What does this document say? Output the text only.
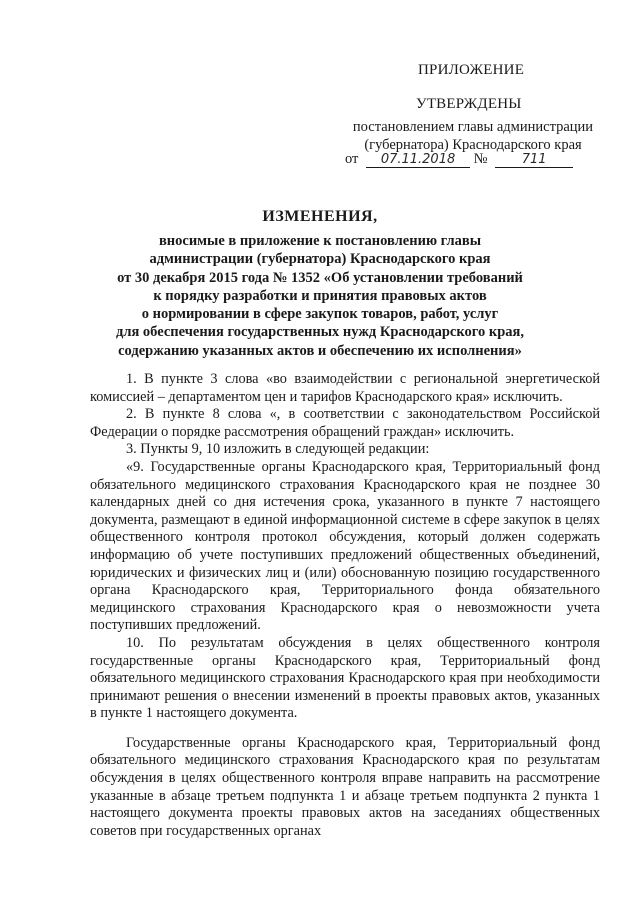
ПРИЛОЖЕНИЕ
УТВЕРЖДЕНЫ
постановлением главы администрации
(губернатора) Краснодарского края
от 07.11.2018 №	711
ИЗМЕНЕНИЯ,
вносимые в приложение к постановлению главы
администрации (губернатора) Краснодарского края
от 30 декабря 2015 года № 1352 «Об установлении требований
к порядку разработки и принятия правовых актов
о нормировании в сфере закупок товаров, работ, услуг
для обеспечения государственных нужд Краснодарского края,
содержанию указанных актов и обеспечению их исполнения»

1. В пункте 3 слова «во взаимодействии с региональной энергетической комиссией – департаментом цен и тарифов Краснодарского края» исключить.

2. В пункте 8 слова «, в соответствии с законодательством Российской Федерации о порядке рассмотрения обращений граждан» исключить.

3. Пункты 9, 10 изложить в следующей редакции:

«9. Государственные органы Краснодарского края, Территориальный фонд обязательного медицинского страхования Краснодарского края не позднее 30 календарных дней со дня истечения срока, указанного в пункте 7 настоящего документа, размещают в единой информационной системе в сфере закупок в целях общественного контроля протокол обсуждения, который должен содержать информацию об учете поступивших предложений общественных объединений, юридических и физических лиц и (или) обоснованную позицию государственного органа Краснодарского края, Территориального фонда обязательного медицинского страхования Краснодарского края о невозможности учета поступивших предложений.

10. По результатам обсуждения в целях общественного контроля государственные органы Краснодарского края, Территориальный фонд обязательного медицинского страхования Краснодарского края при необходимости принимают решения о внесении изменений в проекты правовых актов, указанных в пункте 1 настоящего документа.

Государственные органы Краснодарского края, Территориальный фонд обязательного медицинского страхования Краснодарского края по результатам обсуждения в целях общественного контроля вправе направить на рассмотрение указанные в абзаце третьем подпункта 1 и абзаце третьем подпункта 2 пункта 1 настоящего документа проекты правовых актов на заседаниях общественных советов при государственных органах
